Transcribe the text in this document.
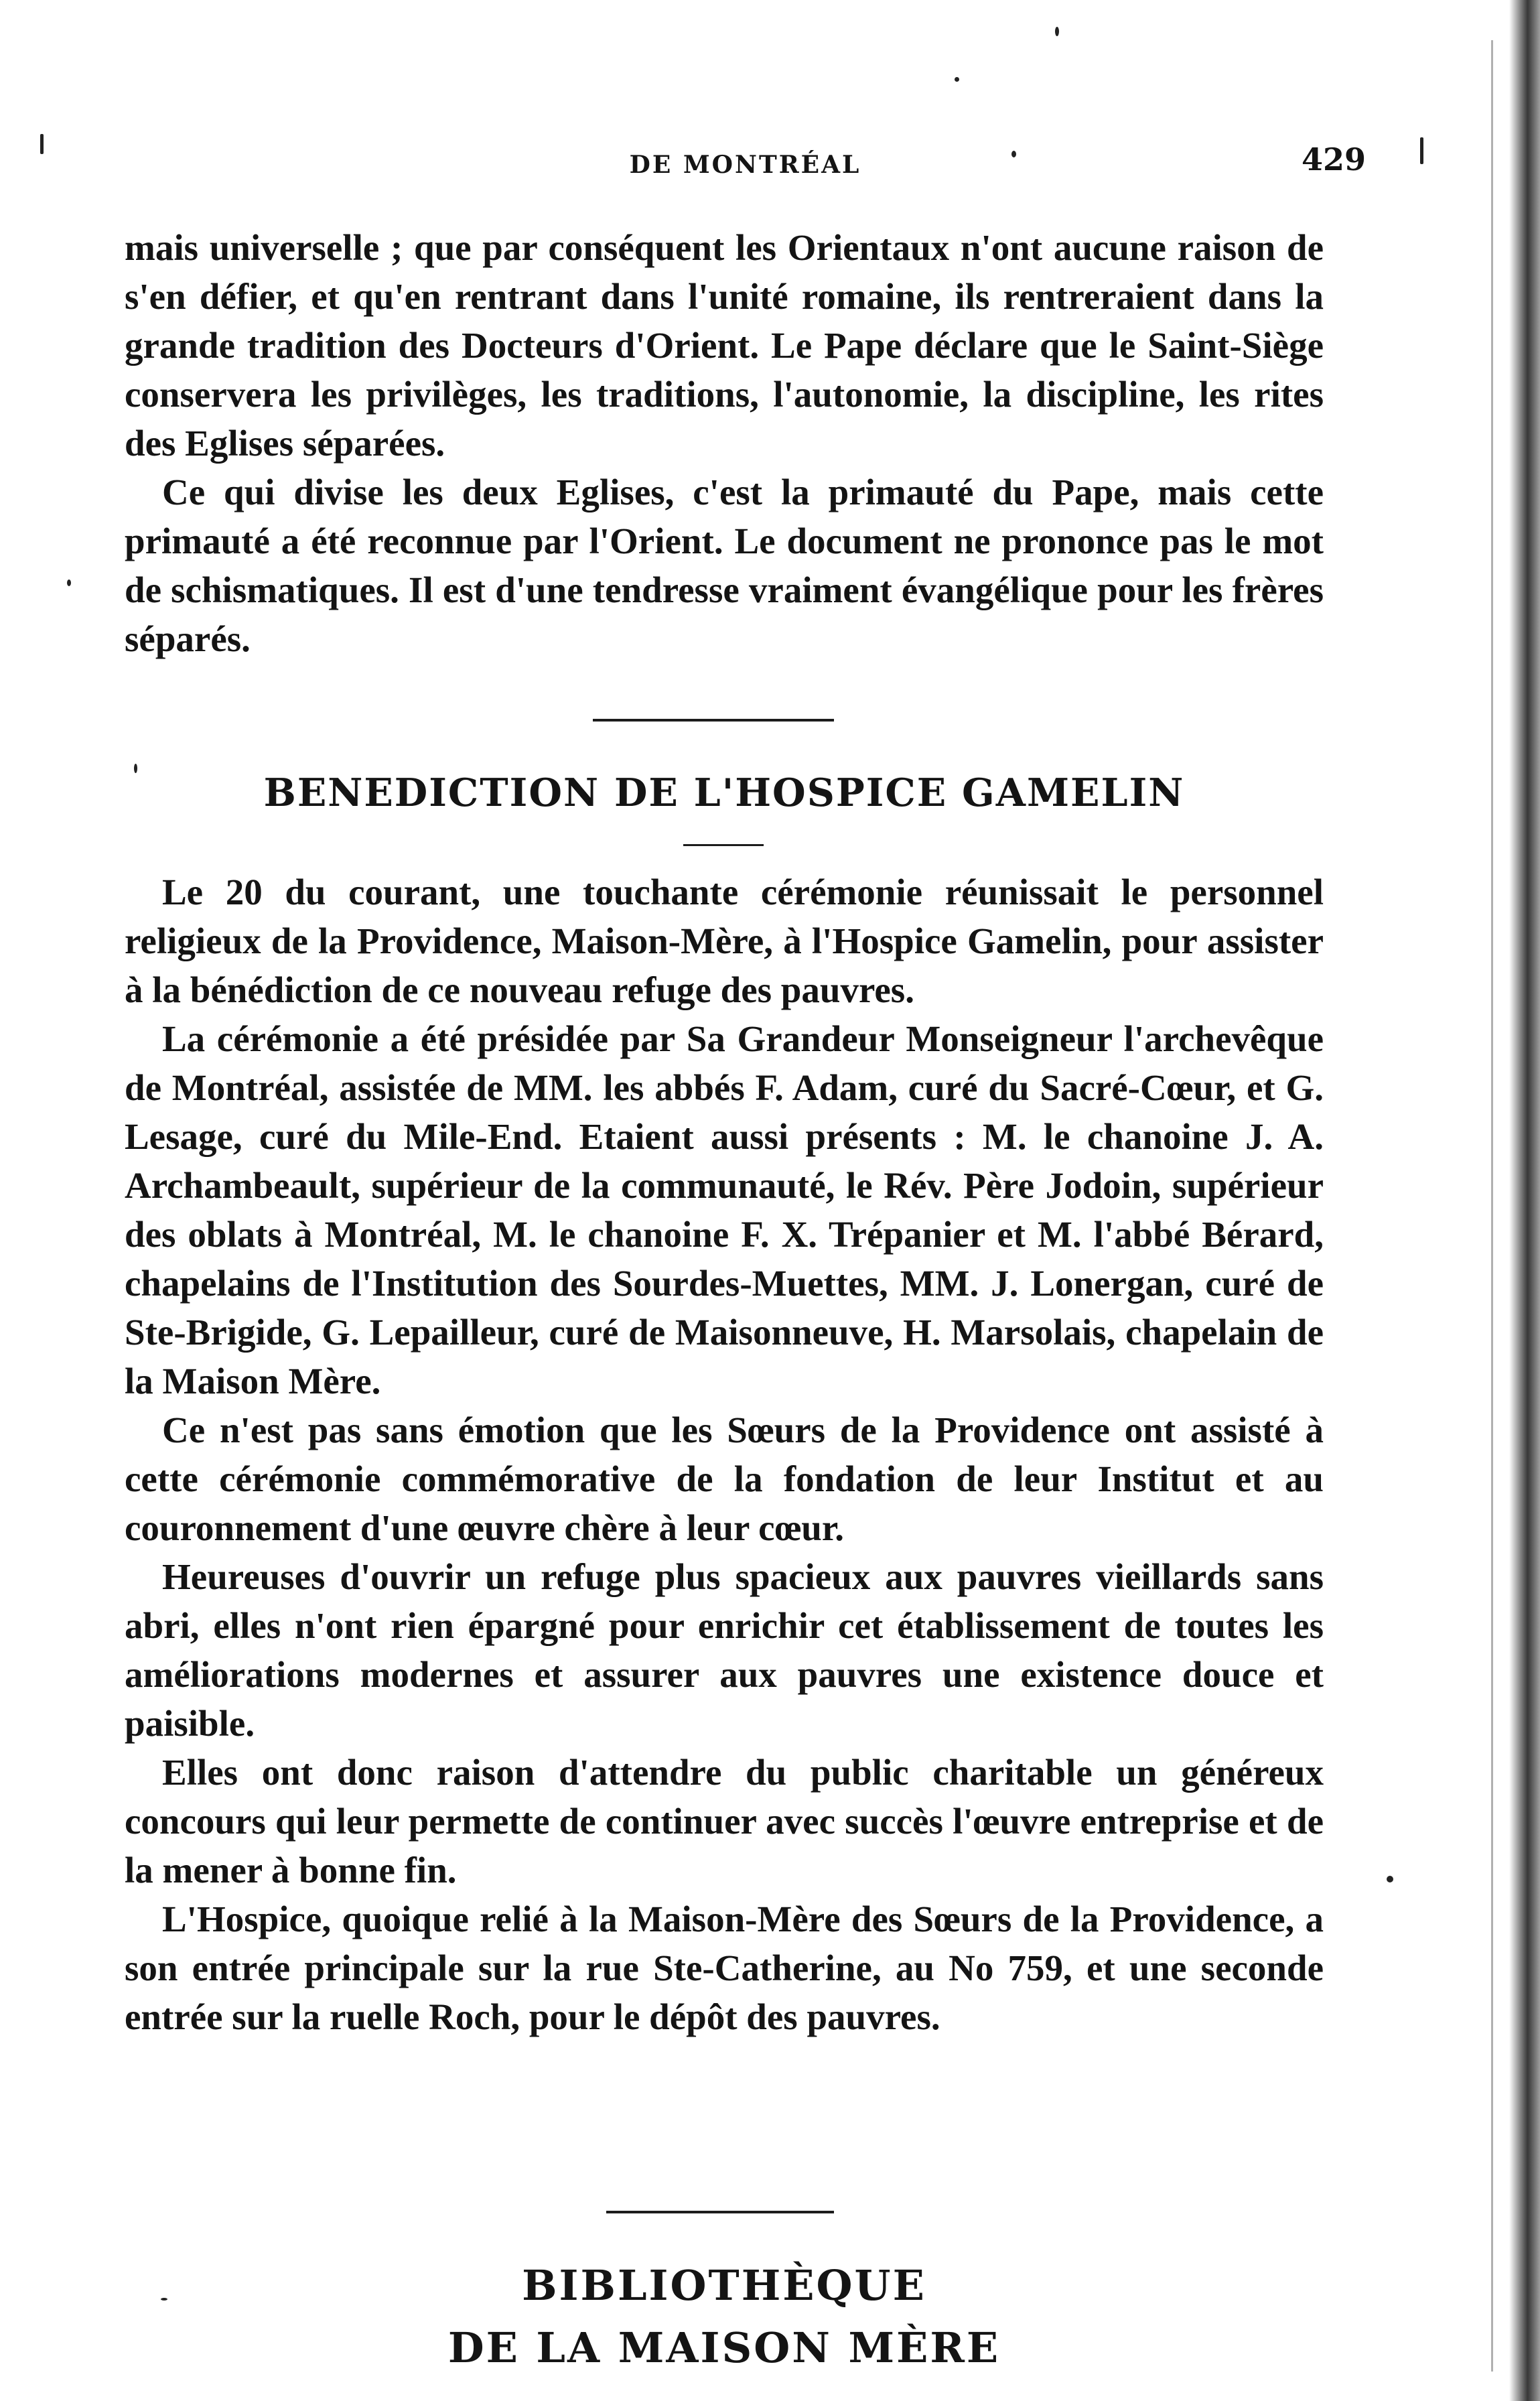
DE MONTRÉAL	429

mais universelle ; que par conséquent les Orientaux n'ont aucune raison de s'en défier, et qu'en rentrant dans l'unité romaine, ils rentreraient dans la grande tradition des Docteurs d'Orient. Le Pape déclare que le Saint-Siège conservera les privilèges, les traditions, l'autonomie, la discipline, les rites des Eglises séparées.

Ce qui divise les deux Eglises, c'est la primauté du Pape, mais cette primauté a été reconnue par l'Orient. Le document ne prononce pas le mot de schismatiques. Il est d'une tendresse vraiment évangélique pour les frères séparés.

BENEDICTION DE L'HOSPICE GAMELIN

Le 20 du courant, une touchante cérémonie réunissait le personnel religieux de la Providence, Maison-Mère, à l'Hospice Gamelin, pour assister à la bénédiction de ce nouveau refuge des pauvres.

La cérémonie a été présidée par Sa Grandeur Monseigneur l'archevêque de Montréal, assistée de MM. les abbés F. Adam, curé du Sacré-Cœur, et G. Lesage, curé du Mile-End. Etaient aussi présents : M. le chanoine J. A. Archambeault, supérieur de la communauté, le Rév. Père Jodoin, supérieur des oblats à Montréal, M. le chanoine F. X. Trépanier et M. l'abbé Bérard, chapelains de l'Institution des Sourdes-Muettes, MM. J. Lonergan, curé de Ste-Brigide, G. Lepailleur, curé de Maisonneuve, H. Marsolais, chapelain de la Maison Mère.

Ce n'est pas sans émotion que les Sœurs de la Providence ont assisté à cette cérémonie commémorative de la fondation de leur Institut et au couronnement d'une œuvre chère à leur cœur.

Heureuses d'ouvrir un refuge plus spacieux aux pauvres vieillards sans abri, elles n'ont rien épargné pour enrichir cet établissement de toutes les améliorations modernes et assurer aux pauvres une existence douce et paisible.

Elles ont donc raison d'attendre du public charitable un généreux concours qui leur permette de continuer avec succès l'œuvre entreprise et de la mener à bonne fin.

L'Hospice, quoique relié à la Maison-Mère des Sœurs de la Providence, a son entrée principale sur la rue Ste-Catherine, au No 759, et une seconde entrée sur la ruelle Roch, pour le dépôt des pauvres.

BIBLIOTHÈQUE
DE LA MAISON MÈRE
